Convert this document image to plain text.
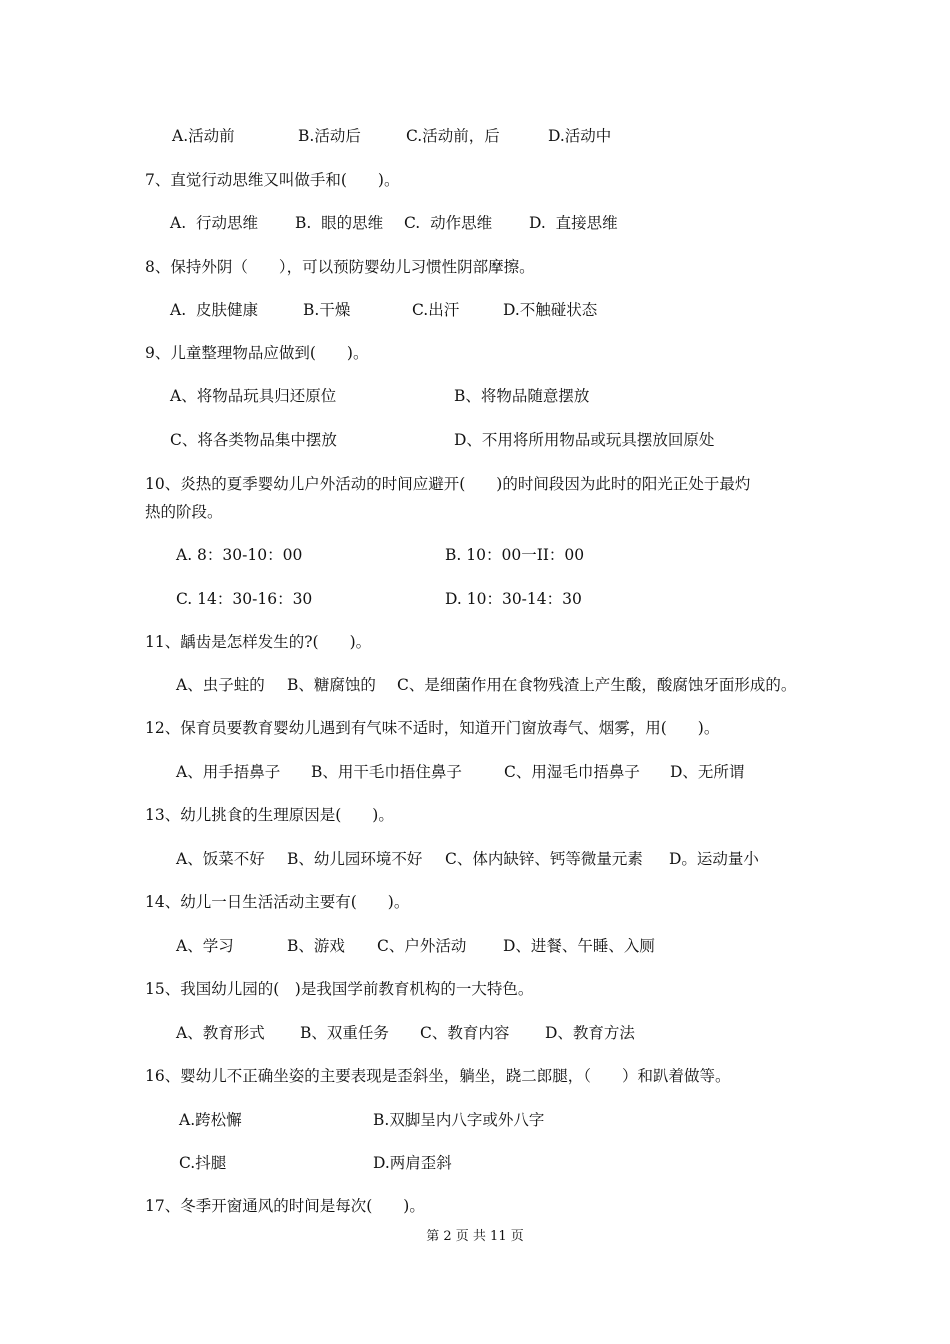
A.活动前	B.活动后	C.活动前，后	D.活动中
7、直觉行动思维又叫做手和(　　)。
A.  行动思维 B.  眼的思维 C.  动作思维 D.  直接思维
8、保持外阴（　　），可以预防婴幼儿习惯性阴部摩擦。
A.  皮肤健康	B.干燥	C.出汗	D.不触碰状态
9、儿童整理物品应做到(　　)。
A、将物品玩具归还原位	B、将物品随意摆放
C、将各类物品集中摆放	D、不用将所用物品或玩具摆放回原处
10、炎热的夏季婴幼儿户外活动的时间应避开(　　)的时间段因为此时的阳光正处于最灼
热的阶段。
A. 8：30-10：00	B. 10：00一II：00
C. 14：30-16：30	D. 10：30-14：30
11、龋齿是怎样发生的?(　　)。
A、虫子蛀的 B、糖腐蚀的 C、是细菌作用在食物残渣上产生酸，酸腐蚀牙面形成的。
12、保育员要教育婴幼儿遇到有气味不适时，知道开门窗放毒气、烟雾，用(　　)。
A、用手捂鼻子 B、用干毛巾捂住鼻子	C、用湿毛巾捂鼻子 D、无所谓
13、幼儿挑食的生理原因是(　　)。
A、饭菜不好 B、幼儿园环境不好 C、体内缺锌、钙等微量元素 D。运动量小
14、幼儿一日生活活动主要有(　　)。
A、学习	B、游戏 C、户外活动 D、进餐、午睡、入厕
15、我国幼儿园的(　)是我国学前教育机构的一大特色。
A、教育形式 B、双重任务 C、教育内容 D、教育方法
16、婴幼儿不正确坐姿的主要表现是歪斜坐，躺坐，跷二郎腿，（　　）和趴着做等。
A.跨松懈	B.双脚呈内八字或外八字
C.抖腿	D.两肩歪斜
17、冬季开窗通风的时间是每次(　　)。
第 2 页 共 11 页
